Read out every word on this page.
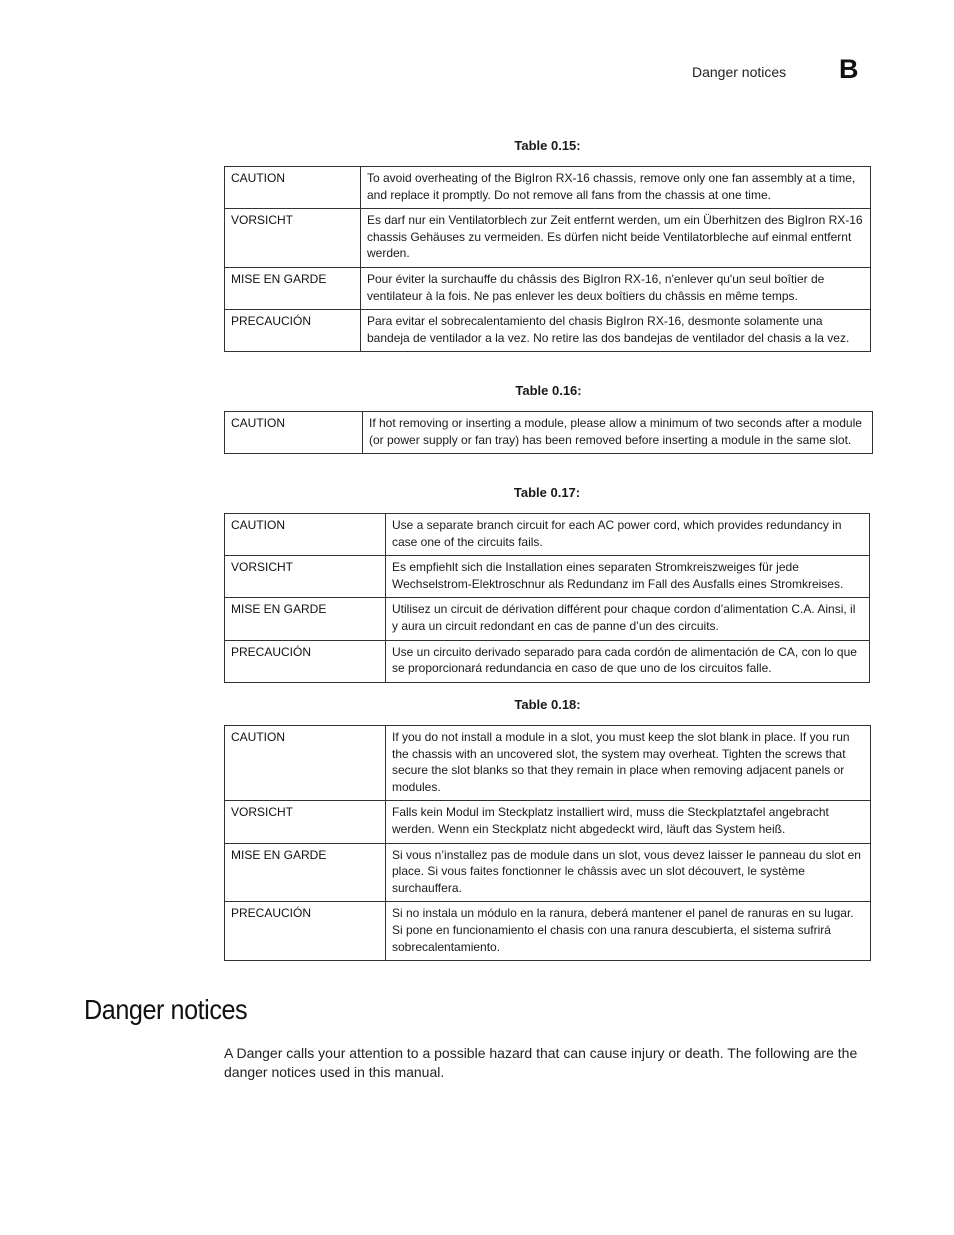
Danger notices B
Table 0.15:
CAUTION	To avoid overheating of the BigIron RX-16 chassis, remove only one fan assembly at a time, and replace it promptly. Do not remove all fans from the chassis at one time.
VORSICHT	Es darf nur ein Ventilatorblech zur Zeit entfernt werden, um ein Überhitzen des BigIron RX-16 chassis Gehäuses zu vermeiden. Es dürfen nicht beide Ventilatorbleche auf einmal entfernt werden.
MISE EN GARDE	Pour éviter la surchauffe du châssis des BigIron RX-16, n'enlever qu'un seul boîtier de ventilateur à la fois. Ne pas enlever les deux boîtiers du châssis en même temps.
PRECAUCIÓN	Para evitar el sobrecalentamiento del chasis BigIron RX-16, desmonte solamente una bandeja de ventilador a la vez. No retire las dos bandejas de ventilador del chasis a la vez.
Table 0.16:
CAUTION	If hot removing or inserting a module, please allow a minimum of two seconds after a module (or power supply or fan tray) has been removed before inserting a module in the same slot.
Table 0.17:
CAUTION	Use a separate branch circuit for each AC power cord, which provides redundancy in case one of the circuits fails.
VORSICHT	Es empfiehlt sich die Installation eines separaten Stromkreiszweiges für jede Wechselstrom-Elektroschnur als Redundanz im Fall des Ausfalls eines Stromkreises.
MISE EN GARDE	Utilisez un circuit de dérivation différent pour chaque cordon d’alimentation C.A. Ainsi, il y aura un circuit redondant en cas de panne d’un des circuits.
PRECAUCIÓN	Use un circuito derivado separado para cada cordón de alimentación de CA, con lo que se proporcionará redundancia en caso de que uno de los circuitos falle.
Table 0.18:
CAUTION	If you do not install a module in a slot, you must keep the slot blank in place. If you run the chassis with an uncovered slot, the system may overheat. Tighten the screws that secure the slot blanks so that they remain in place when removing adjacent panels or modules.
VORSICHT	Falls kein Modul im Steckplatz installiert wird, muss die Steckplatztafel angebracht werden. Wenn ein Steckplatz nicht abgedeckt wird, läuft das System heiß.
MISE EN GARDE	Si vous n’installez pas de module dans un slot, vous devez laisser le panneau du slot en place. Si vous faites fonctionner le châssis avec un slot découvert, le système surchauffera.
PRECAUCIÓN	Si no instala un módulo en la ranura, deberá mantener el panel de ranuras en su lugar. Si pone en funcionamiento el chasis con una ranura descubierta, el sistema sufrirá sobrecalentamiento.
Danger notices

A Danger calls your attention to a possible hazard that can cause injury or death. The following are the danger notices used in this manual.
